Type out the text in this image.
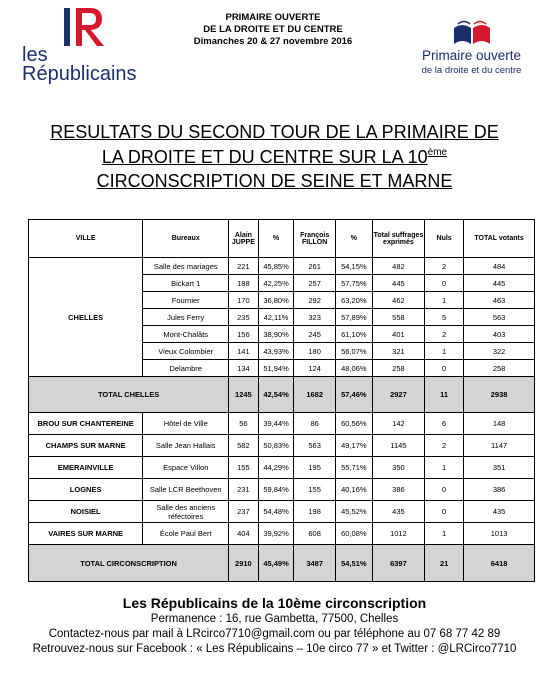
les
Républicains
PRIMAIRE OUVERTE
DE LA DROITE ET DU CENTRE
Dimanches 20 & 27 novembre 2016
Primaire ouverte
de la droite et du centre
RESULTATS DU SECOND TOUR DE LA PRIMAIRE DE
LA DROITE ET DU CENTRE SUR LA 10ème
CIRCONSCRIPTION DE SEINE ET MARNE
VILLE	Bureaux	Alain JUPPE	%	François FILLON	%	Total suffrages exprimés	Nuls	TOTAL votants
CHELLES	Salle des mariages	221	45,85%	261	54,15%	482	2	484
	Bickart 1	188	42,25%	257	57,75%	445	0	445
	Fournier	170	36,80%	292	63,20%	462	1	463
	Jules Ferry	235	42,11%	323	57,89%	558	5	563
	Mont-Chalâts	156	38,90%	245	61,10%	401	2	403
	Vieux Colombier	141	43,93%	180	56,07%	321	1	322
	Delambre	134	51,94%	124	48,06%	258	0	258
TOTAL CHELLES		1245	42,54%	1682	57,46%	2927	11	2938
BROU SUR CHANTEREINE	Hôtel de Ville	56	39,44%	86	60,56%	142	6	148
CHAMPS SUR MARNE	Salle Jean Hallais	582	50,83%	563	49,17%	1145	2	1147
EMERAINVILLE	Espace Villon	155	44,29%	195	55,71%	350	1	351
LOGNES	Salle LCR Beethoven	231	59,84%	155	40,16%	386	0	386
NOISIEL	Salle des anciens réfectoires	237	54,48%	198	45,52%	435	0	435
VAIRES SUR MARNE	École Paul Bert	404	39,92%	608	60,08%	1012	1	1013
TOTAL CIRCONSCRIPTION		2910	45,49%	3487	54,51%	6397	21	6418
Les Républicains de la 10ème circonscription
Permanence : 16, rue Gambetta, 77500, Chelles
Contactez-nous par mail à LRcirco7710@gmail.com ou par téléphone au 07 68 77 42 89
Retrouvez-nous sur Facebook : « Les Républicains – 10e circo 77 » et Twitter : @LRCirco7710
